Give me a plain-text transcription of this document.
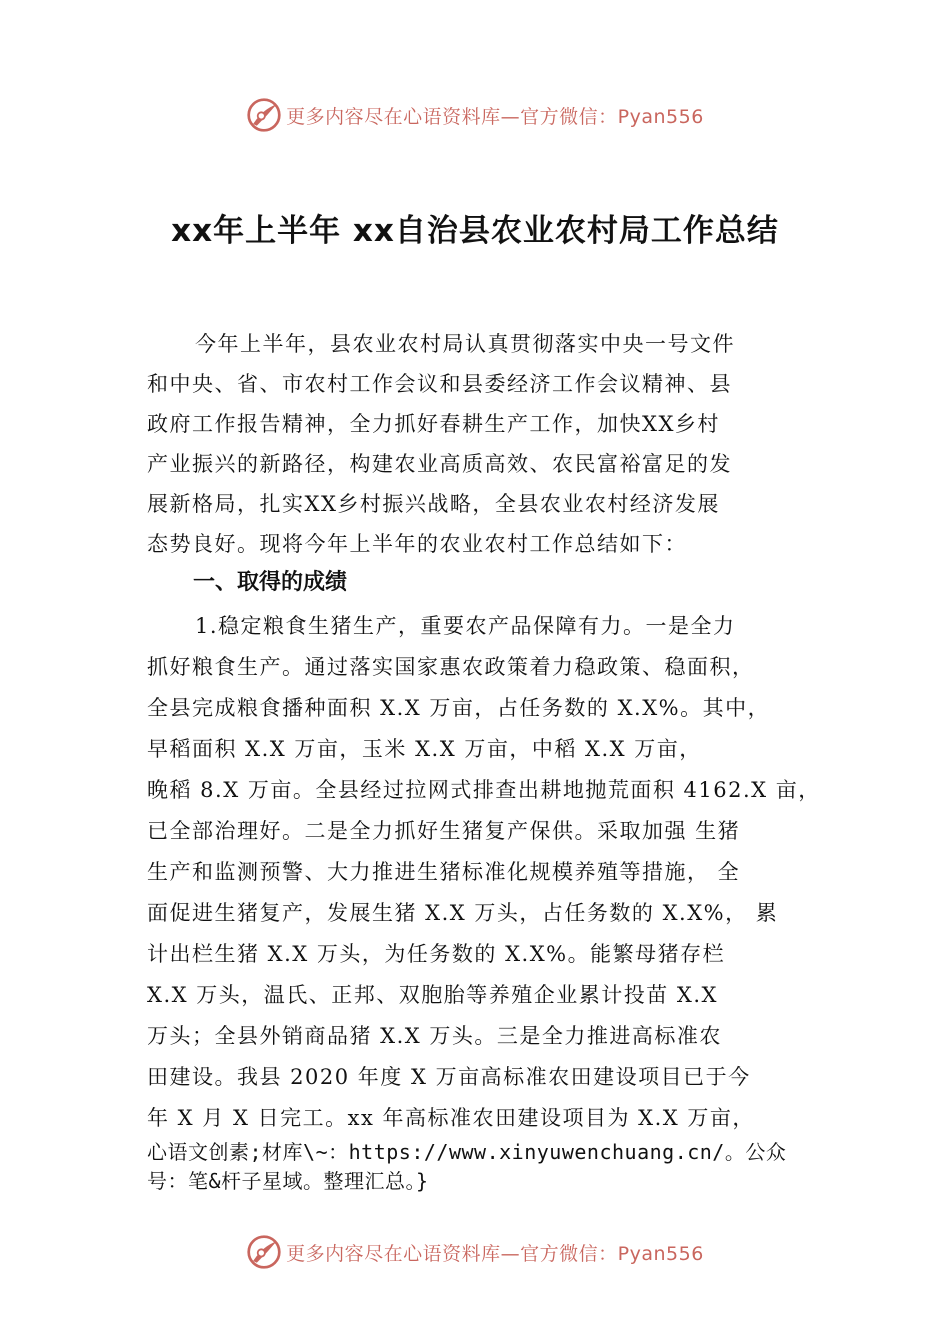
更多内容尽在心语资料库—官方微信：Pyan556
xx年上半年 xx自治县农业农村局工作总结
今年上半年，县农业农村局认真贯彻落实中央一号文件
和中央、省、市农村工作会议和县委经济工作会议精神、县
政府工作报告精神，全力抓好春耕生产工作，加快XX乡村
产业振兴的新路径，构建农业高质高效、农民富裕富足的发
展新格局，扎实XX乡村振兴战略，全县农业农村经济发展
态势良好。现将今年上半年的农业农村工作总结如下：
一、取得的成绩
1.稳定粮食生猪生产，重要农产品保障有力。一是全力
抓好粮食生产。通过落实国家惠农政策着力稳政策、稳面积，
全县完成粮食播种面积 X.X 万亩，占任务数的 X.X%。其中，
早稻面积 X.X 万亩，玉米 X.X 万亩，中稻 X.X 万亩，
晚稻 8.X 万亩。全县经过拉网式排查出耕地抛荒面积 4162.X 亩，
已全部治理好。二是全力抓好生猪复产保供。采取加强 生猪
生产和监测预警、大力推进生猪标准化规模养殖等措施， 全
面促进生猪复产，发展生猪 X.X 万头，占任务数的 X.X%， 累
计出栏生猪 X.X 万头，为任务数的 X.X%。能繁母猪存栏
X.X 万头，温氏、正邦、双胞胎等养殖企业累计投苗 X.X
万头；全县外销商品猪 X.X 万头。三是全力推进高标准农
田建设。我县 2020 年度 X 万亩高标准农田建设项目已于今
年 X 月 X 日完工。xx 年高标准农田建设项目为 X.X 万亩，
心语文创素;材库\~：https://www.xinyuwenchuang.cn/。公众
号：笔&杆子星域。整理汇总。}
更多内容尽在心语资料库—官方微信：Pyan556
